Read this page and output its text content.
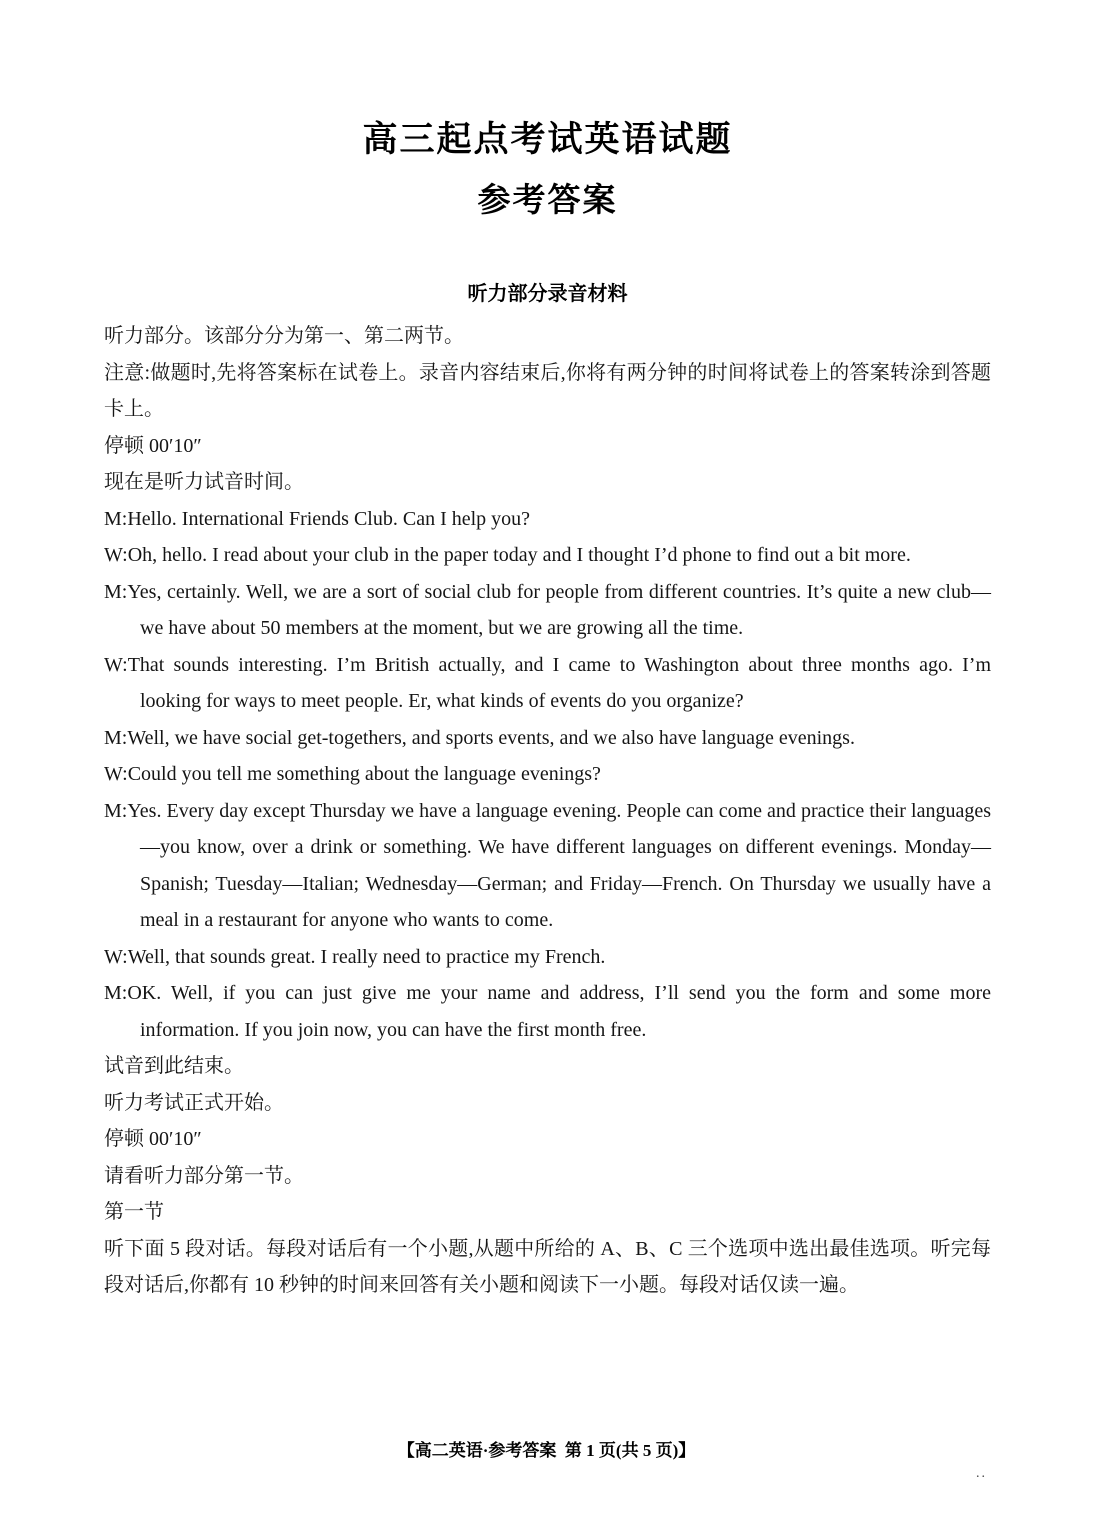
高三起点考试英语试题
参考答案
听力部分录音材料

听力部分。该部分分为第一、第二两节。

注意:做题时,先将答案标在试卷上。录音内容结束后,你将有两分钟的时间将试卷上的答案转涂到答题卡上。

停顿 00′10″

现在是听力试音时间。

M:Hello. International Friends Club. Can I help you?

W:Oh, hello. I read about your club in the paper today and I thought I’d phone to find out a bit more.

M:Yes, certainly. Well, we are a sort of social club for people from different countries. It’s quite a new club—we have about 50 members at the moment, but we are growing all the time.

W:That sounds interesting. I’m British actually, and I came to Washington about three months ago. I’m looking for ways to meet people. Er, what kinds of events do you organize?

M:Well, we have social get-togethers, and sports events, and we also have language evenings.

W:Could you tell me something about the language evenings?

M:Yes. Every day except Thursday we have a language evening. People can come and practice their languages—you know, over a drink or something. We have different languages on different evenings. Monday—Spanish; Tuesday—Italian; Wednesday—German; and Friday—French. On Thursday we usually have a meal in a restaurant for anyone who wants to come.

W:Well, that sounds great. I really need to practice my French.

M:OK. Well, if you can just give me your name and address, I’ll send you the form and some more information. If you join now, you can have the first month free.

试音到此结束。

听力考试正式开始。

停顿 00′10″

请看听力部分第一节。

第一节

听下面 5 段对话。每段对话后有一个小题,从题中所给的 A、B、C 三个选项中选出最佳选项。听完每段对话后,你都有 10 秒钟的时间来回答有关小题和阅读下一小题。每段对话仅读一遍。

【高二英语·参考答案  第 1 页(共 5 页)】
..
